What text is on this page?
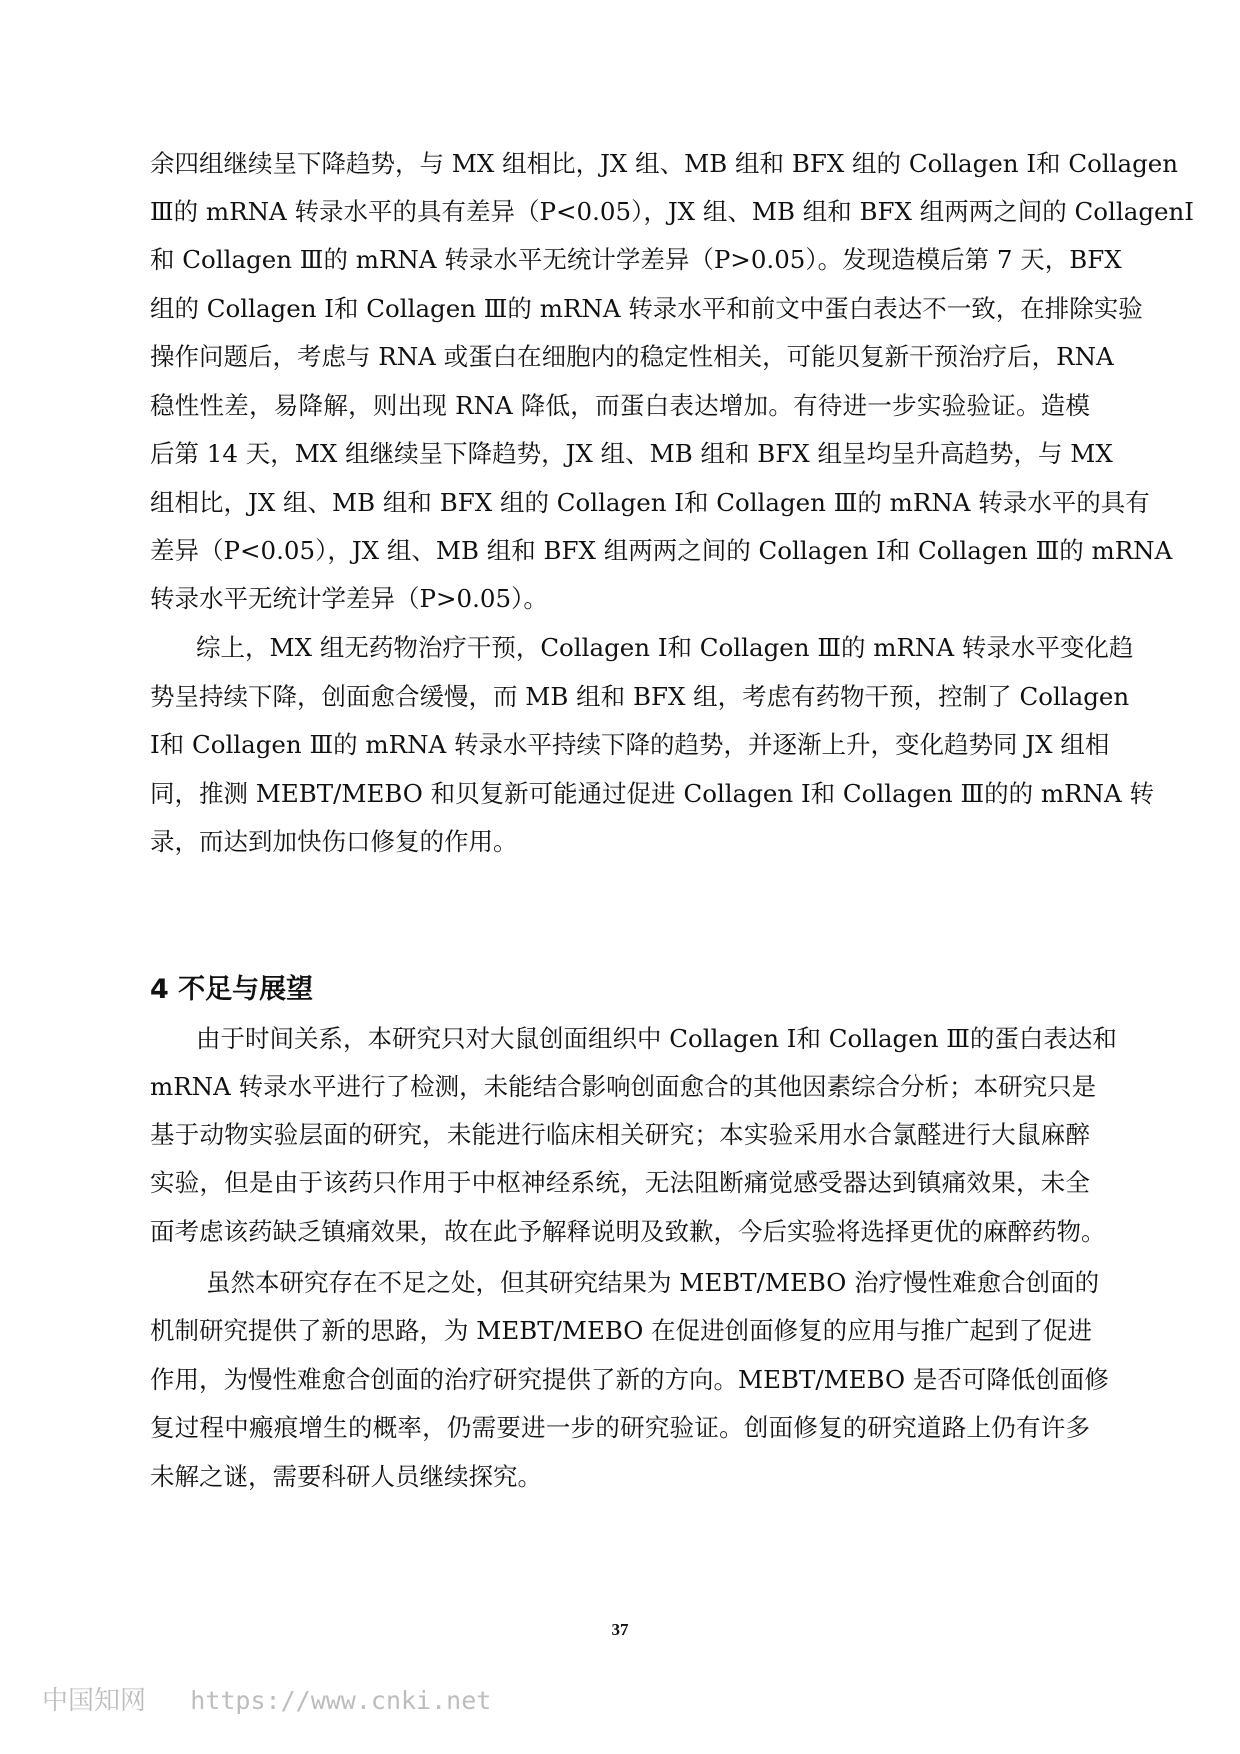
余四组继续呈下降趋势，与 MX 组相比，JX 组、MB 组和 BFX 组的 Collagen Ⅰ和 Collagen
Ⅲ的 mRNA 转录水平的具有差异（P<0.05），JX 组、MB 组和 BFX 组两两之间的 CollagenⅠ
和 Collagen Ⅲ的 mRNA 转录水平无统计学差异（P>0.05）。发现造模后第 7 天，BFX
组的 Collagen Ⅰ和 Collagen Ⅲ的 mRNA 转录水平和前文中蛋白表达不一致，在排除实验
操作问题后，考虑与 RNA 或蛋白在细胞内的稳定性相关，可能贝复新干预治疗后，RNA
稳性性差，易降解，则出现 RNA 降低，而蛋白表达增加。有待进一步实验验证。造模
后第 14 天，MX 组继续呈下降趋势，JX 组、MB 组和 BFX 组呈均呈升高趋势，与 MX
组相比，JX 组、MB 组和 BFX 组的 Collagen Ⅰ和 Collagen Ⅲ的 mRNA 转录水平的具有
差异（P<0.05），JX 组、MB 组和 BFX 组两两之间的 Collagen Ⅰ和 Collagen Ⅲ的 mRNA
转录水平无统计学差异（P>0.05）。
综上，MX 组无药物治疗干预，Collagen Ⅰ和 Collagen Ⅲ的 mRNA 转录水平变化趋
势呈持续下降，创面愈合缓慢，而 MB 组和 BFX 组，考虑有药物干预，控制了 Collagen
Ⅰ和 Collagen Ⅲ的 mRNA 转录水平持续下降的趋势，并逐渐上升，变化趋势同 JX 组相
同，推测 MEBT/MEBO 和贝复新可能通过促进 Collagen Ⅰ和 Collagen Ⅲ的的 mRNA 转
录，而达到加快伤口修复的作用。
4 不足与展望
由于时间关系，本研究只对大鼠创面组织中 Collagen Ⅰ和 Collagen Ⅲ的蛋白表达和
mRNA 转录水平进行了检测，未能结合影响创面愈合的其他因素综合分析；本研究只是
基于动物实验层面的研究，未能进行临床相关研究；本实验采用水合氯醛进行大鼠麻醉
实验，但是由于该药只作用于中枢神经系统，无法阻断痛觉感受器达到镇痛效果，未全
面考虑该药缺乏镇痛效果，故在此予解释说明及致歉，今后实验将选择更优的麻醉药物。
虽然本研究存在不足之处，但其研究结果为 MEBT/MEBO 治疗慢性难愈合创面的
机制研究提供了新的思路，为 MEBT/MEBO 在促进创面修复的应用与推广起到了促进
作用，为慢性难愈合创面的治疗研究提供了新的方向。MEBT/MEBO 是否可降低创面修
复过程中瘢痕增生的概率，仍需要进一步的研究验证。创面修复的研究道路上仍有许多
未解之谜，需要科研人员继续探究。
37
中国知网 https://www.cnki.net
